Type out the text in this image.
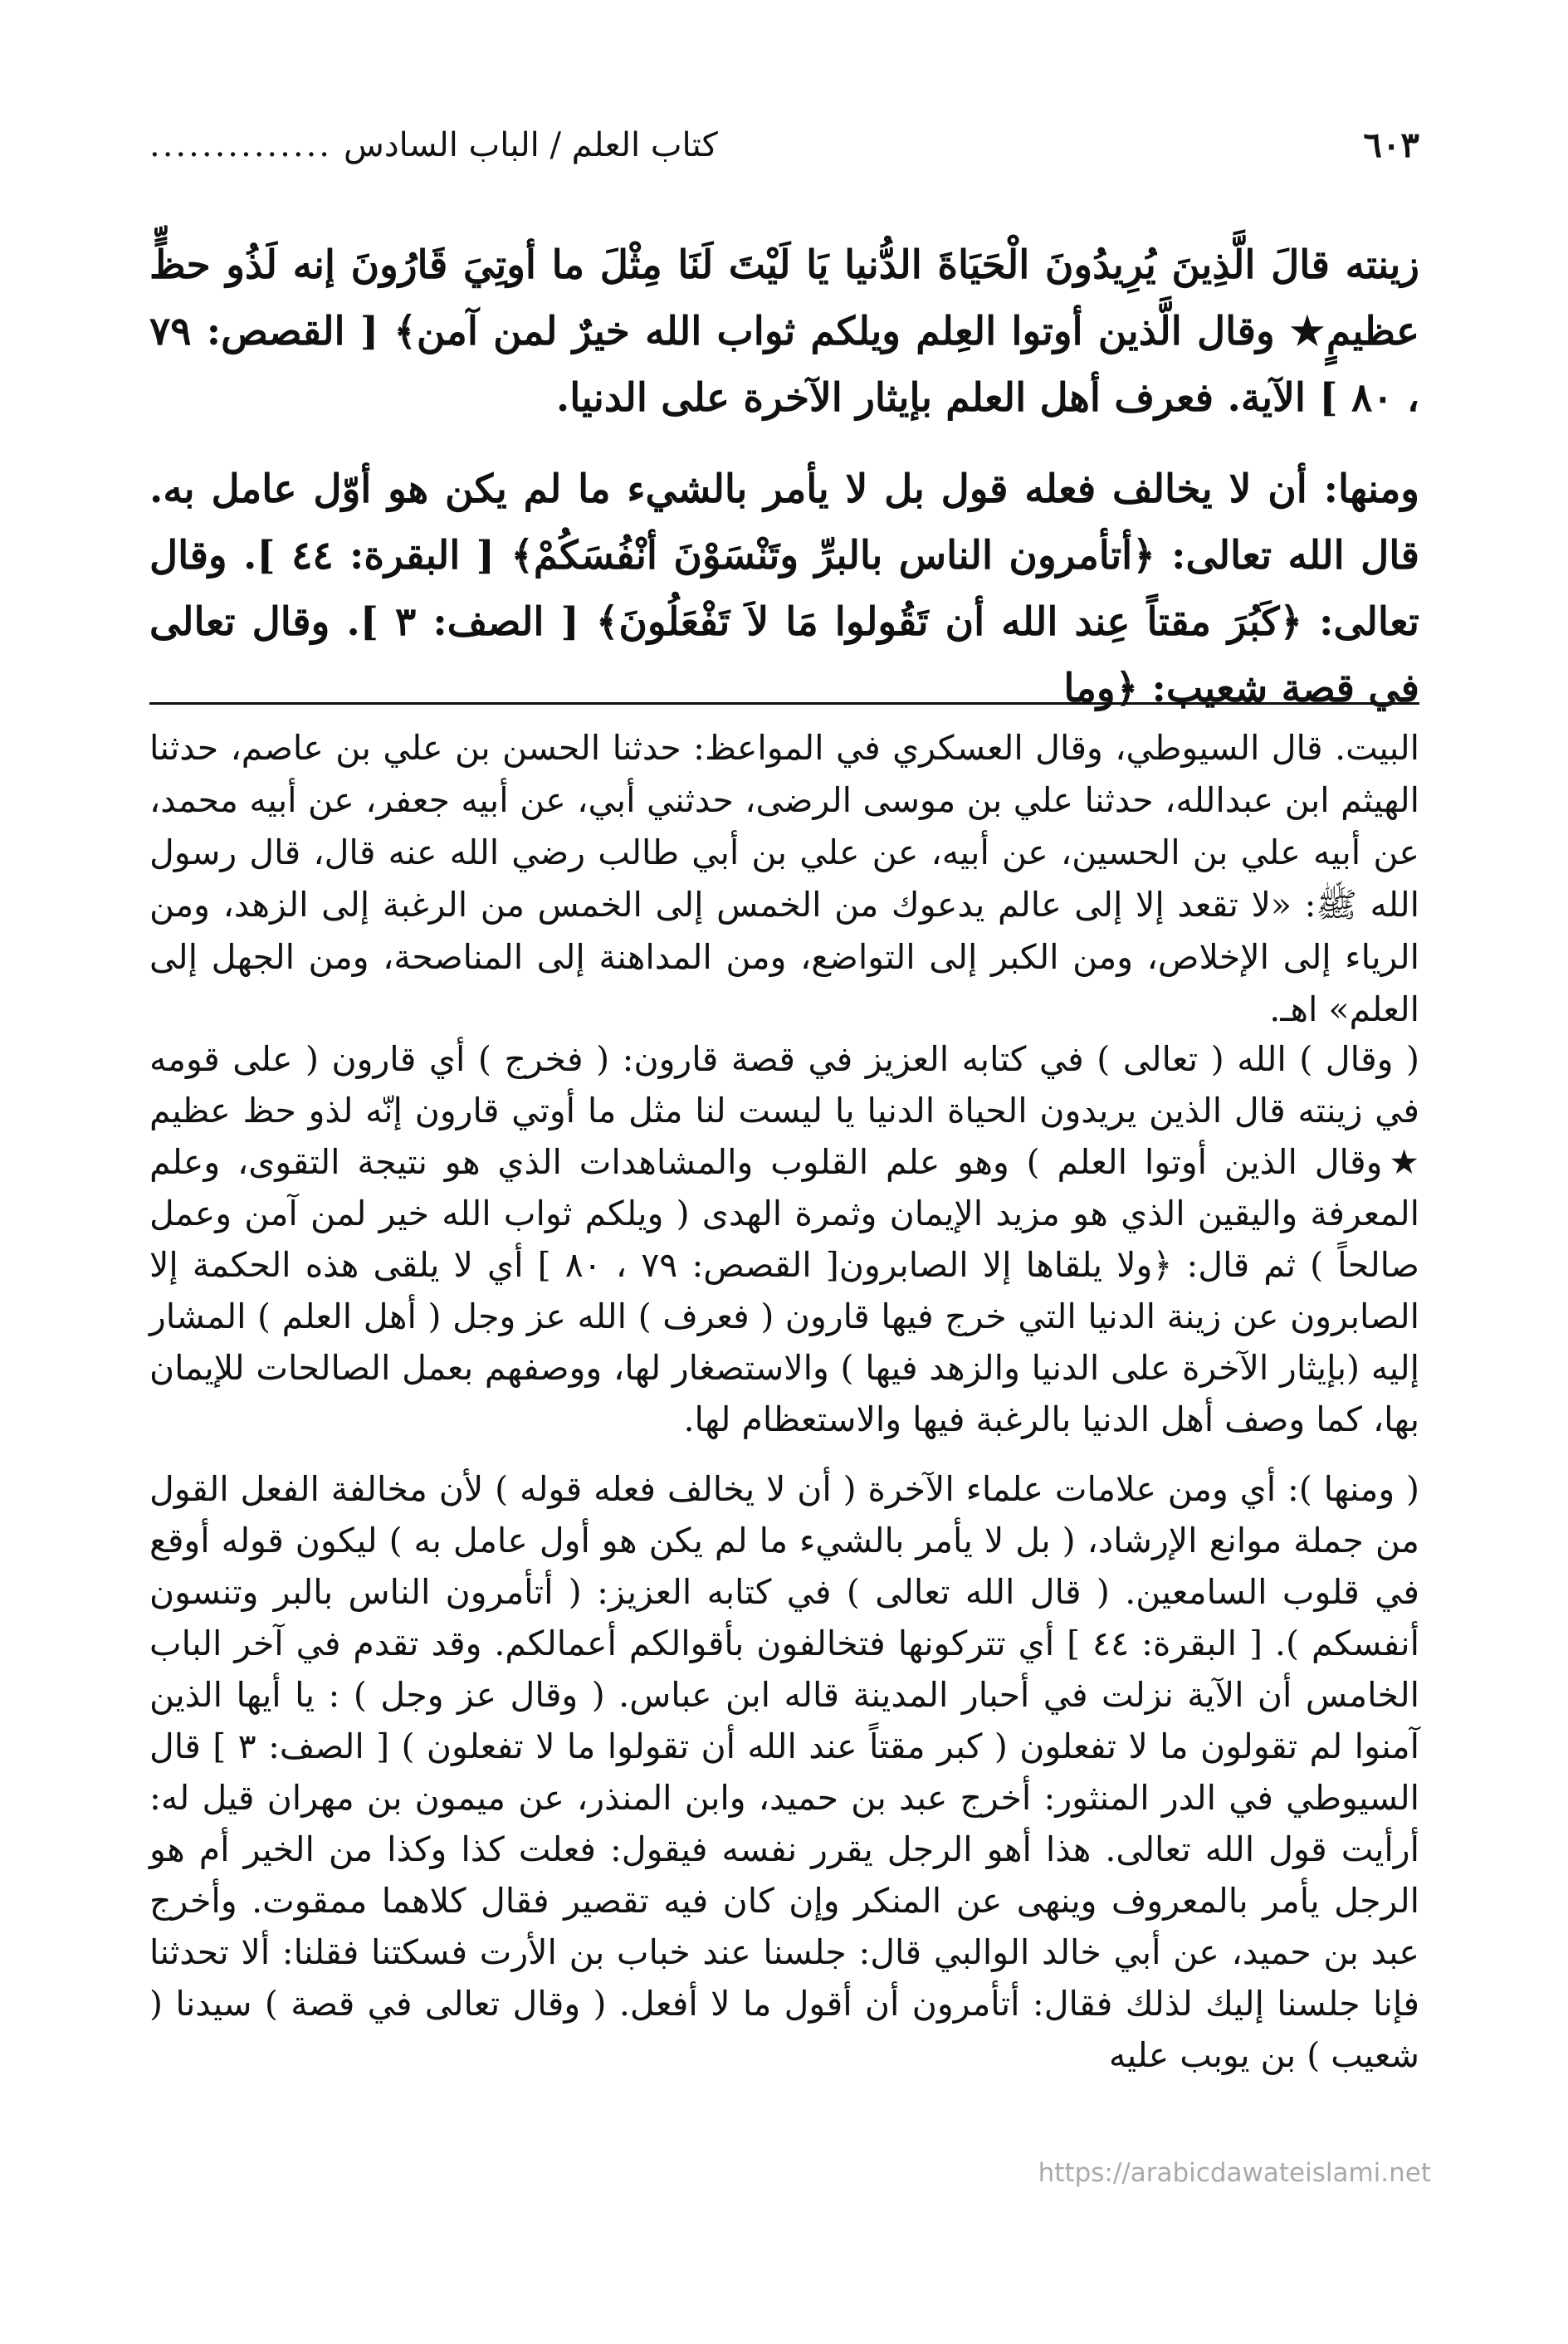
كتاب العلم / الباب السادس
..............	٦٠٣

زينته قالَ الَّذِينَ يُرِيدُونَ الْحَيَاةَ الدُّنيا يَا لَيْتَ لَنَا مِثْلَ ما أوتِيَ قَارُونَ إنه لَذُو حظٍّ عظيمٍ★ وقال الَّذين أوتوا العِلم ويلكم ثواب الله خيرٌ لمن آمن﴾ [ القصص: ٧٩ ، ٨٠ ] الآية. فعرف أهل العلم بإيثار الآخرة على الدنيا.

ومنها: أن لا يخالف فعله قول بل لا يأمر بالشيء ما لم يكن هو أوّل عامل به. قال الله تعالى: ﴿أتأمرون الناس بالبرِّ وتَنْسَوْنَ أنْفُسَكُمْ﴾ [ البقرة: ٤٤ ]. وقال تعالى: ﴿كَبُرَ مقتاً عِند الله أن تَقُولوا مَا لاَ تَفْعَلُونَ﴾ [ الصف: ٣ ]. وقال تعالى في قصة شعيب: ﴿وما

البيت. قال السيوطي، وقال العسكري في المواعظ: حدثنا الحسن بن علي بن عاصم، حدثنا الهيثم ابن عبدالله، حدثنا علي بن موسى الرضى، حدثني أبي، عن أبيه جعفر، عن أبيه محمد، عن أبيه علي بن الحسين، عن أبيه، عن علي بن أبي طالب رضي الله عنه قال، قال رسول الله ﷺ: «لا تقعد إلا إلى عالم يدعوك من الخمس إلى الخمس من الرغبة إلى الزهد، ومن الرياء إلى الإخلاص، ومن الكبر إلى التواضع، ومن المداهنة إلى المناصحة، ومن الجهل إلى العلم» اهـ.

( وقال ) الله ( تعالى ) في كتابه العزيز في قصة قارون: ( فخرج ) أي قارون ( على قومه في زينته قال الذين يريدون الحياة الدنيا يا ليست لنا مثل ما أوتي قارون إنّه لذو حظ عظيم ★وقال الذين أوتوا العلم ) وهو علم القلوب والمشاهدات الذي هو نتيجة التقوى، وعلم المعرفة واليقين الذي هو مزيد الإيمان وثمرة الهدى ( ويلكم ثواب الله خير لمن آمن وعمل صالحاً ) ثم قال: ﴿ولا يلقاها إلا الصابرون[ القصص: ٧٩ ، ٨٠ ] أي لا يلقى هذه الحكمة إلا الصابرون عن زينة الدنيا التي خرج فيها قارون ( فعرف ) الله عز وجل ( أهل العلم ) المشار إليه (بإيثار الآخرة على الدنيا والزهد فيها ) والاستصغار لها، ووصفهم بعمل الصالحات للإيمان بها، كما وصف أهل الدنيا بالرغبة فيها والاستعظام لها.

( ومنها ): أي ومن علامات علماء الآخرة ( أن لا يخالف فعله قوله ) لأن مخالفة الفعل القول من جملة موانع الإرشاد، ( بل لا يأمر بالشيء ما لم يكن هو أول عامل به ) ليكون قوله أوقع في قلوب السامعين. ( قال الله تعالى ) في كتابه العزيز: ( أتأمرون الناس بالبر وتنسون أنفسكم ). [ البقرة: ٤٤ ] أي تتركونها فتخالفون بأقوالكم أعمالكم. وقد تقدم في آخر الباب الخامس أن الآية نزلت في أحبار المدينة قاله ابن عباس. ( وقال عز وجل ) : يا أيها الذين آمنوا لم تقولون ما لا تفعلون ( كبر مقتاً عند الله أن تقولوا ما لا تفعلون ) [ الصف: ٣ ] قال السيوطي في الدر المنثور: أخرج عبد بن حميد، وابن المنذر، عن ميمون بن مهران قيل له: أرأيت قول الله تعالى. هذا أهو الرجل يقرر نفسه فيقول: فعلت كذا وكذا من الخير أم هو الرجل يأمر بالمعروف وينهى عن المنكر وإن كان فيه تقصير فقال كلاهما ممقوت. وأخرج عبد بن حميد، عن أبي خالد الوالبي قال: جلسنا عند خباب بن الأرت فسكتنا فقلنا: ألا تحدثنا فإنا جلسنا إليك لذلك فقال: أتأمرون أن أقول ما لا أفعل. ( وقال تعالى في قصة ) سيدنا ( شعيب ) بن يوبب عليه

https://arabicdawateislami.net
